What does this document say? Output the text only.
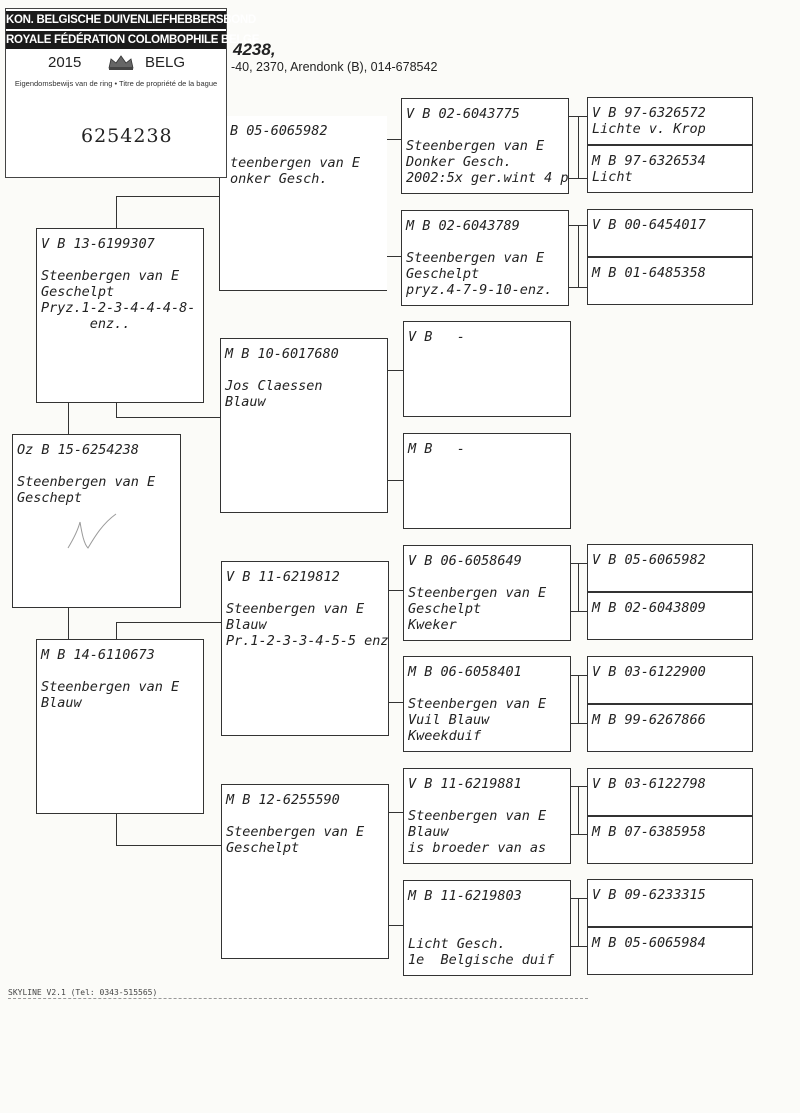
4238,
-40, 2370, Arendonk (B), 014-678542
Oz B 15-6254238

Steenbergen van E
Geschept
V B 13-6199307

Steenbergen van E
Geschelpt
Pryz.1-2-3-4-4-4-8-
enz..
M B 14-6110673

Steenbergen van E
Blauw
B 05-6065982

teenbergen van E
onker Gesch.
M B 10-6017680

Jos Claessen
Blauw
V B 11-6219812

Steenbergen van E
Blauw
Pr.1-2-3-3-4-5-5 enz
M B 12-6255590

Steenbergen van E
Geschelpt
V B 02-6043775

Steenbergen van E
Donker Gesch.
2002:5x ger.wint 4 p
M B 02-6043789

Steenbergen van E
Geschelpt
pryz.4-7-9-10-enz.
V B   -
M B   -
V B 06-6058649

Steenbergen van E
Geschelpt
Kweker
M B 06-6058401

Steenbergen van E
Vuil Blauw
Kweekduif
V B 11-6219881

Steenbergen van E
Blauw
is broeder van as
M B 11-6219803

Licht Gesch.
1e  Belgische duif
V B 97-6326572
Lichte v. Krop
M B 97-6326534
Licht
V B 00-6454017
M B 01-6485358
V B 05-6065982
M B 02-6043809
V B 03-6122900
M B 99-6267866
V B 03-6122798
M B 07-6385958
V B 09-6233315
M B 05-6065984
KON. BELGISCHE DUIVENLIEFHEBBERSBOND
ROYALE FÉDÉRATION COLOMBOPHILE BELGE
2015	BELG
Eigendomsbewijs van de ring • Titre de propriété de la bague
6254238
SKYLINE V2.1 (Tel: 0343-515565)
